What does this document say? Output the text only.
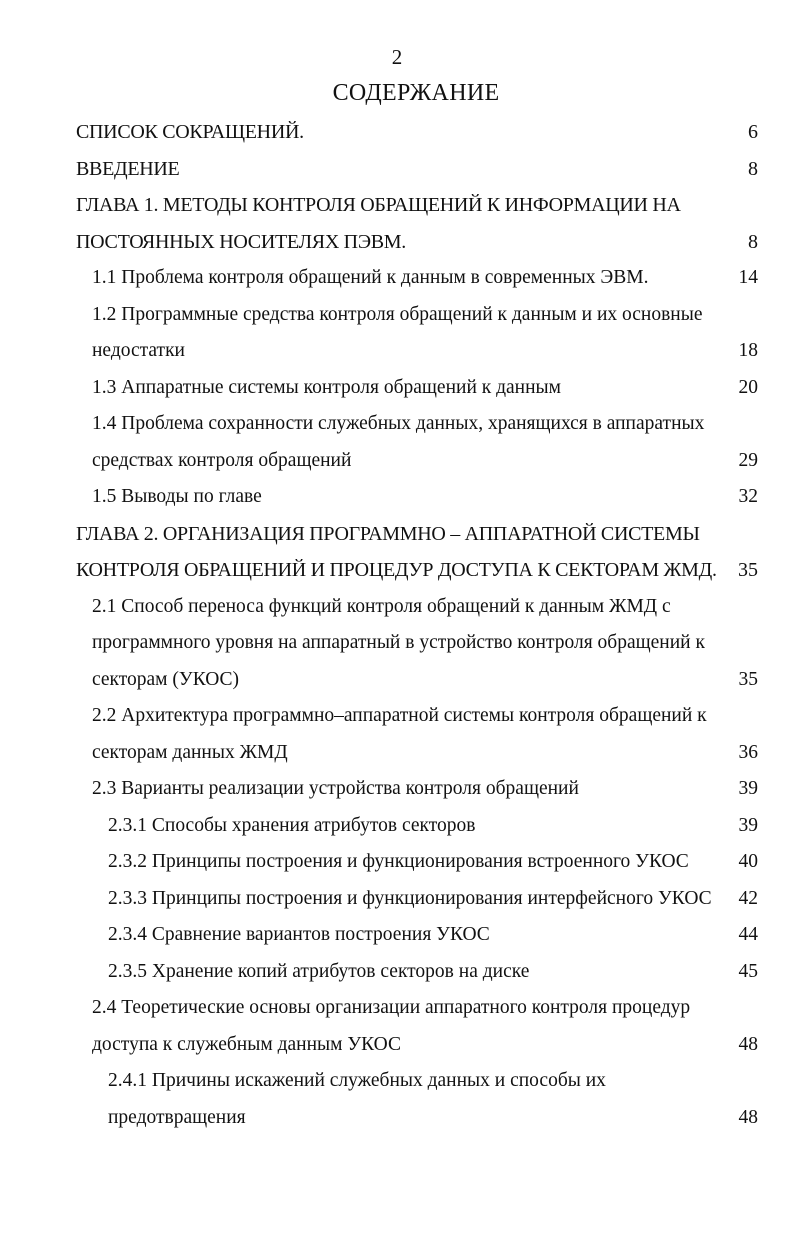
2
СОДЕРЖАНИЕ
СПИСОК СОКРАЩЕНИЙ.	6
ВВЕДЕНИЕ	8
ГЛАВА 1. МЕТОДЫ КОНТРОЛЯ ОБРАЩЕНИЙ К ИНФОРМАЦИИ НА
ПОСТОЯННЫХ НОСИТЕЛЯХ ПЭВМ.	8
1.1 Проблема контроля обращений к данным в современных ЭВМ.	14
1.2 Программные средства контроля обращений к данным и их основные
недостатки	18
1.3 Аппаратные системы контроля обращений к данным	20
1.4 Проблема сохранности служебных данных, хранящихся в аппаратных
средствах контроля обращений	29
1.5 Выводы по главе	32
ГЛАВА 2. ОРГАНИЗАЦИЯ ПРОГРАММНО – АППАРАТНОЙ СИСТЕМЫ
КОНТРОЛЯ ОБРАЩЕНИЙ И ПРОЦЕДУР ДОСТУПА К СЕКТОРАМ ЖМД. 35
2.1 Способ переноса функций контроля обращений к данным ЖМД с
программного уровня на аппаратный в устройство контроля обращений к
секторам (УКОС)	35
2.2 Архитектура программно–аппаратной системы контроля обращений к
секторам данных ЖМД	36
2.3 Варианты реализации устройства контроля обращений	39
2.3.1 Способы хранения атрибутов секторов	39
2.3.2 Принципы построения и функционирования встроенного УКОС	40
2.3.3 Принципы построения и функционирования интерфейсного УКОС 42
2.3.4 Сравнение вариантов построения УКОС	44
2.3.5 Хранение копий атрибутов секторов на диске	45
2.4 Теоретические основы организации аппаратного контроля процедур
доступа к служебным данным УКОС	48
2.4.1 Причины искажений служебных данных и способы их
предотвращения	48
